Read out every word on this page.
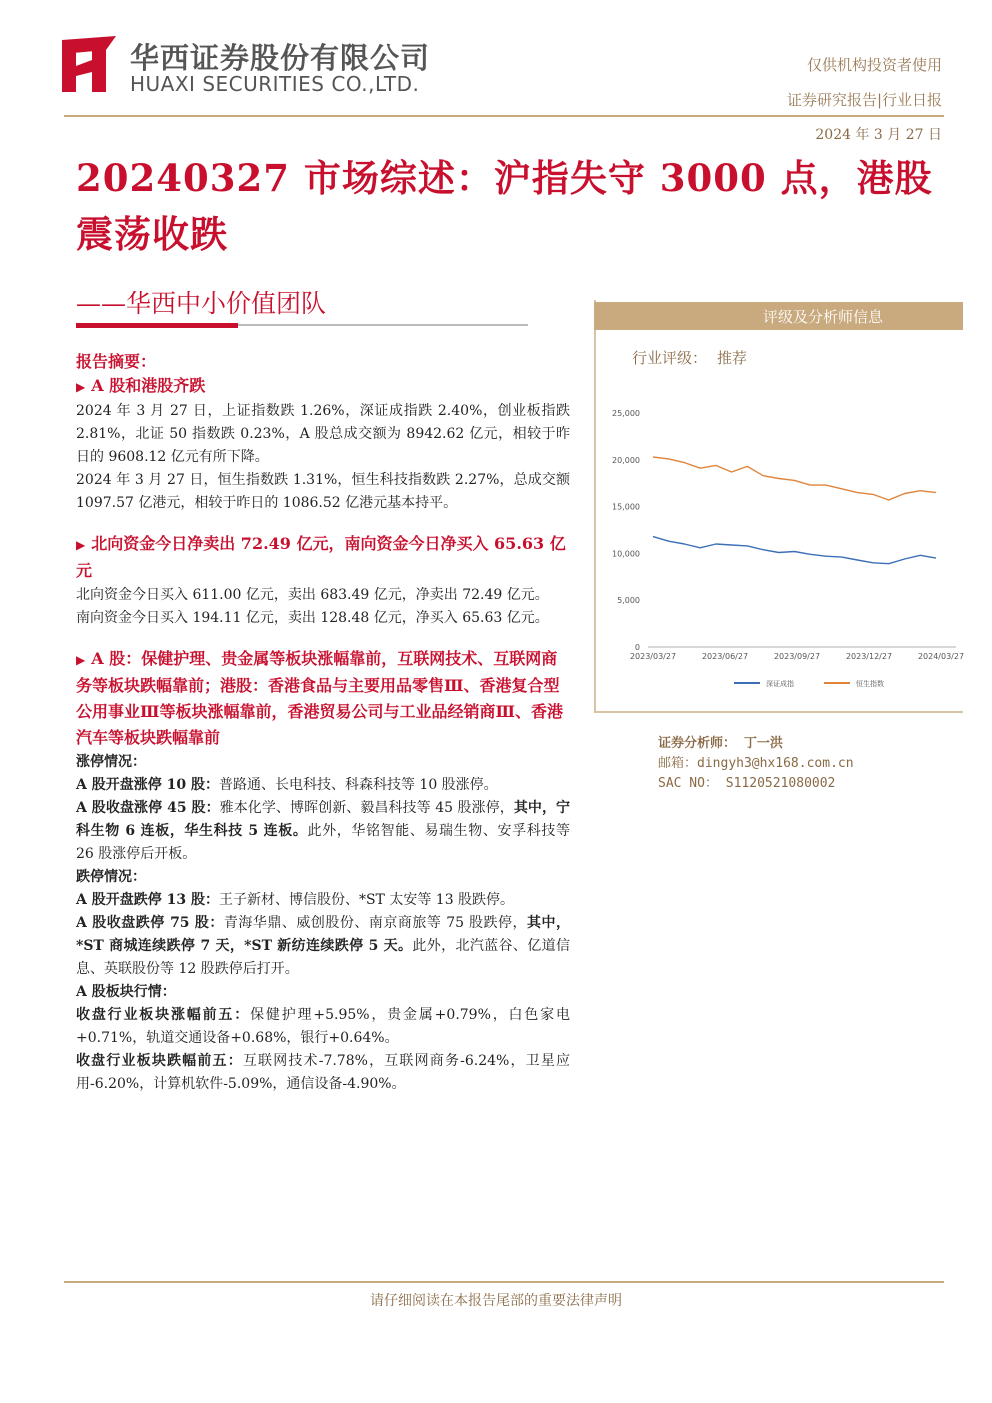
华西证券股份有限公司
HUAXI SECURITIES CO.,LTD.
仅供机构投资者使用
证券研究报告|行业日报
2024 年 3 月 27 日
20240327 市场综述：沪指失守 3000 点，港股震荡收跌
——华西中小价值团队	评级及分析师信息
行业评级： 推荐
25,000
20,000
15,000
10,000
5,000
0
2023/03/27	2023/06/27	2023/09/27	2023/12/27	2024/03/27
深证成指	恒生指数
证券分析师： 丁一洪
邮箱：dingyh3@hx168.com.cn
SAC NO： S1120521080002

报告摘要：

▶ A 股和港股齐跌

2024 年 3 月 27 日，上证指数跌 1.26%，深证成指跌 2.40%，创业板指跌 2.81%，北证 50 指数跌 0.23%，A 股总成交额为 8942.62 亿元，相较于昨日的 9608.12 亿元有所下降。

2024 年 3 月 27 日，恒生指数跌 1.31%，恒生科技指数跌 2.27%，总成交额 1097.57 亿港元，相较于昨日的 1086.52 亿港元基本持平。

▶ 北向资金今日净卖出 72.49 亿元，南向资金今日净买入 65.63 亿元

北向资金今日买入 611.00 亿元，卖出 683.49 亿元，净卖出 72.49 亿元。

南向资金今日买入 194.11 亿元，卖出 128.48 亿元，净买入 65.63 亿元。

▶ A 股：保健护理、贵金属等板块涨幅靠前，互联网技术、互联网商务等板块跌幅靠前；港股：香港食品与主要用品零售Ⅲ、香港复合型公用事业Ⅲ等板块涨幅靠前，香港贸易公司与工业品经销商Ⅲ、香港汽车等板块跌幅靠前

涨停情况：

A 股开盘涨停 10 股：普路通、长电科技、科森科技等 10 股涨停。

A 股收盘涨停 45 股：雅本化学、博晖创新、毅昌科技等 45 股涨停，其中，宁科生物 6 连板，华生科技 5 连板。此外，华铭智能、易瑞生物、安孚科技等 26 股涨停后开板。

跌停情况：

A 股开盘跌停 13 股：王子新材、博信股份、*ST 太安等 13 股跌停。

A 股收盘跌停 75 股：青海华鼎、威创股份、南京商旅等 75 股跌停，其中，*ST 商城连续跌停 7 天，*ST 新纺连续跌停 5 天。此外，北汽蓝谷、亿道信息、英联股份等 12 股跌停后打开。

A 股板块行情：

收盘行业板块涨幅前五：保健护理+5.95%，贵金属+0.79%，白色家电+0.71%，轨道交通设备+0.68%，银行+0.64%。

收盘行业板块跌幅前五：互联网技术-7.78%，互联网商务-6.24%，卫星应用-6.20%，计算机软件-5.09%，通信设备-4.90%。

请仔细阅读在本报告尾部的重要法律声明
